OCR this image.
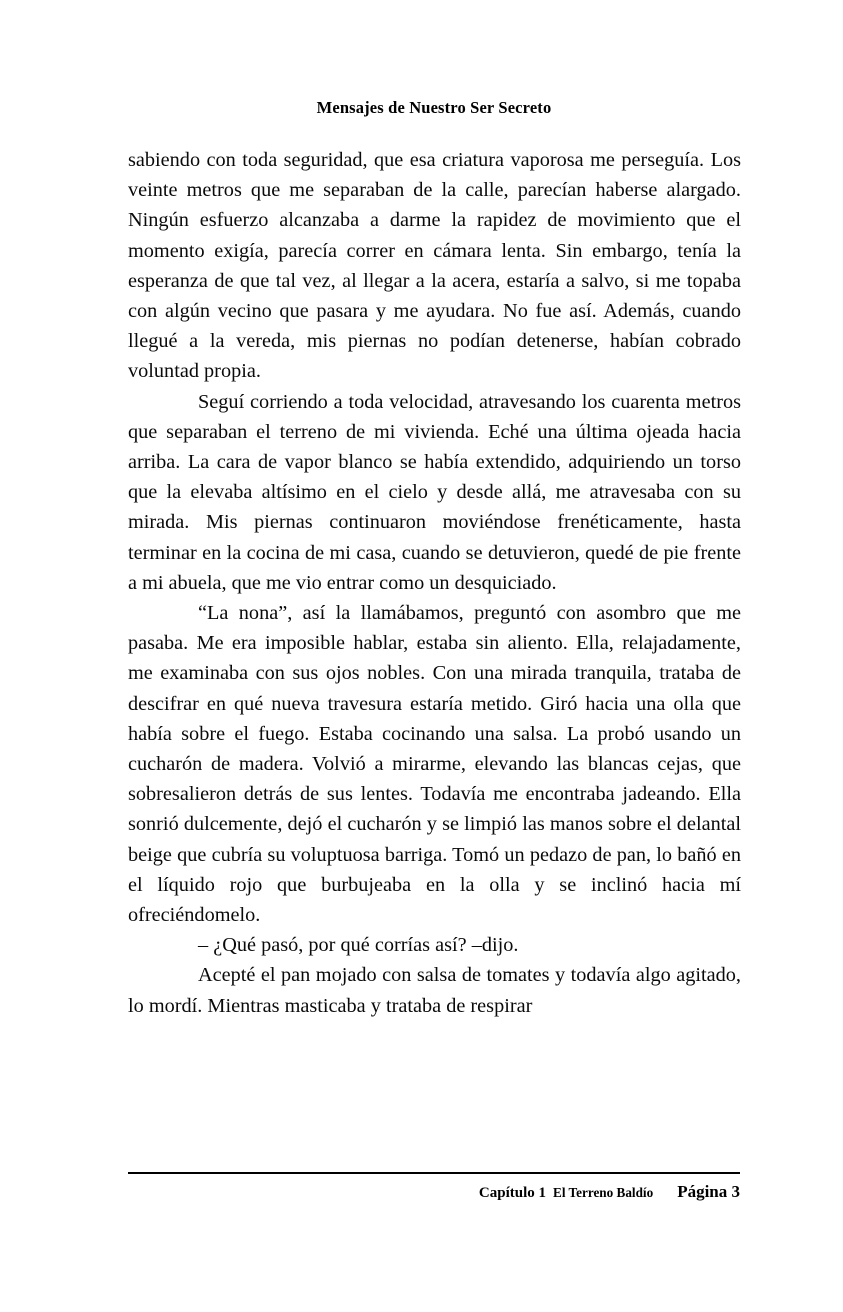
Mensajes de Nuestro Ser Secreto

sabiendo con toda seguridad, que esa criatura vaporosa me perseguía. Los veinte metros que me separaban de la calle, parecían haberse alargado. Ningún esfuerzo alcanzaba a darme la rapidez de movimiento que el momento exigía, parecía correr en cámara lenta. Sin embargo, tenía la esperanza de que tal vez, al llegar a la acera, estaría a salvo, si me topaba con algún vecino que pasara y me ayudara. No fue así. Además, cuando llegué a la vereda, mis piernas no podían detenerse, habían cobrado voluntad propia.

Seguí corriendo a toda velocidad, atravesando los cuarenta metros que separaban el terreno de mi vivienda. Eché una última ojeada hacia arriba. La cara de vapor blanco se había extendido, adquiriendo un torso que la elevaba altísimo en el cielo y desde allá, me atravesaba con su mirada. Mis piernas continuaron moviéndose frenéticamente, hasta terminar en la cocina de mi casa, cuando se detuvieron, quedé de pie frente a mi abuela, que me vio entrar como un desquiciado.

“La nona”, así la llamábamos, preguntó con asombro que me pasaba. Me era imposible hablar, estaba sin aliento. Ella, relajadamente, me examinaba con sus ojos nobles. Con una mirada tranquila, trataba de descifrar en qué nueva travesura estaría metido. Giró hacia una olla que había sobre el fuego. Estaba cocinando una salsa. La probó usando un cucharón de madera. Volvió a mirarme, elevando las blancas cejas, que sobresalieron detrás de sus lentes. Todavía me encontraba jadeando. Ella sonrió dulcemente, dejó el cucharón y se limpió las manos sobre el delantal beige que cubría su voluptuosa barriga. Tomó un pedazo de pan, lo bañó en el líquido rojo que burbujeaba en la olla y se inclinó hacia mí ofreciéndomelo.

– ¿Qué pasó, por qué corrías así? –dijo.

Acepté el pan mojado con salsa de tomates y todavía algo agitado, lo mordí. Mientras masticaba y trataba de respirar

Capítulo 1 El Terreno Baldío Página 3
